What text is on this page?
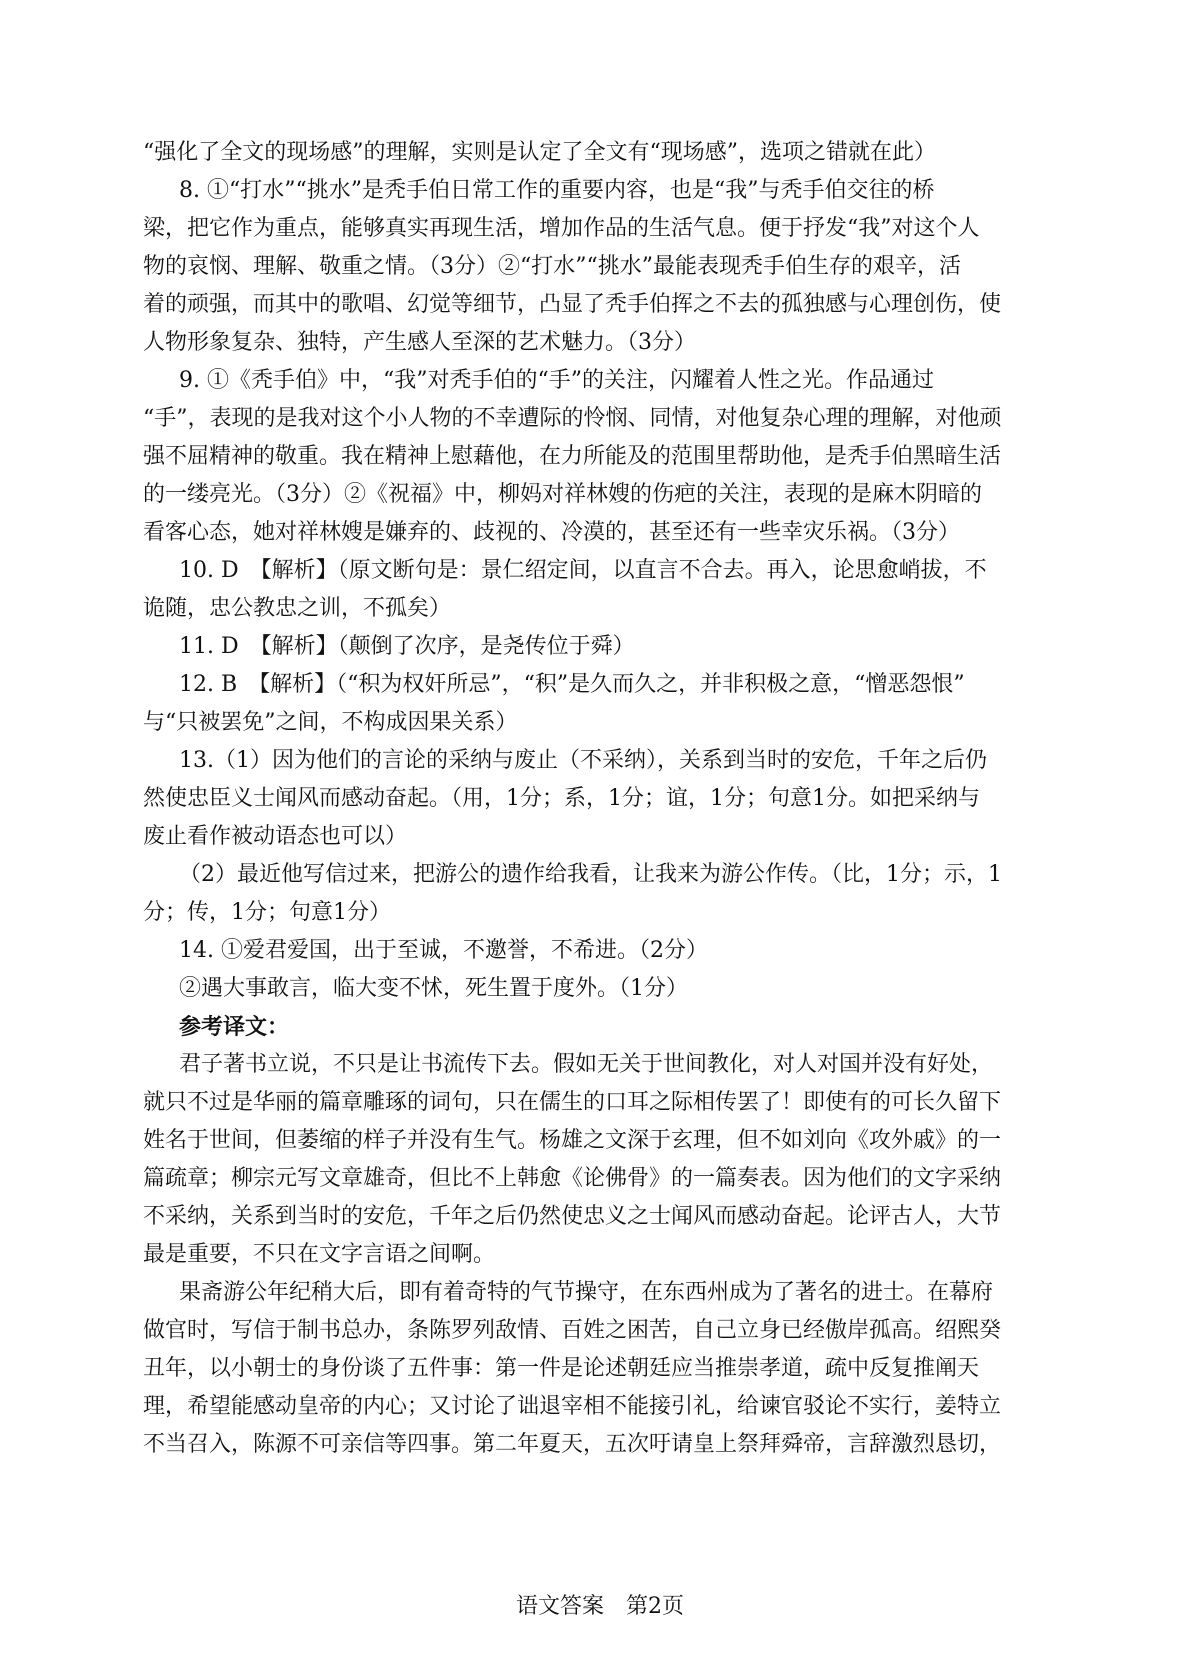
“强化了全文的现场感”的理解，实则是认定了全文有“现场感”，选项之错就在此）

8. ①“打水”“挑水”是秃手伯日常工作的重要内容，也是“我”与秃手伯交往的桥

梁，把它作为重点，能够真实再现生活，增加作品的生活气息。便于抒发“我”对这个人

物的哀悯、理解、敬重之情。（3分）②“打水”“挑水”最能表现秃手伯生存的艰辛，活

着的顽强，而其中的歌唱、幻觉等细节，凸显了秃手伯挥之不去的孤独感与心理创伤，使

人物形象复杂、独特，产生感人至深的艺术魅力。（3分）

9. ①《秃手伯》中，“我”对秃手伯的“手”的关注，闪耀着人性之光。作品通过

“手”，表现的是我对这个小人物的不幸遭际的怜悯、同情，对他复杂心理的理解，对他顽

强不屈精神的敬重。我在精神上慰藉他，在力所能及的范围里帮助他，是秃手伯黑暗生活

的一缕亮光。（3分）②《祝福》中，柳妈对祥林嫂的伤疤的关注，表现的是麻木阴暗的

看客心态，她对祥林嫂是嫌弃的、歧视的、冷漠的，甚至还有一些幸灾乐祸。（3分）

10. D　【解析】（原文断句是：景仁绍定间，以直言不合去。再入，论思愈峭拔，不

诡随，忠公教忠之训，不孤矣）

11. D　【解析】（颠倒了次序，是尧传位于舜）

12. B　【解析】（“积为权奸所忌”，“积”是久而久之，并非积极之意，“憎恶怨恨”

与“只被罢免”之间，不构成因果关系）

13.（1）因为他们的言论的采纳与废止（不采纳），关系到当时的安危，千年之后仍

然使忠臣义士闻风而感动奋起。（用，1分；系，1分；谊，1分；句意1分。如把采纳与

废止看作被动语态也可以）

（2）最近他写信过来，把游公的遗作给我看，让我来为游公作传。（比，1分；示，1

分；传，1分；句意1分）

14. ①爱君爱国，出于至诚，不邀誉，不希进。（2分）

②遇大事敢言，临大变不怵，死生置于度外。（1分）

参考译文：

君子著书立说，不只是让书流传下去。假如无关于世间教化，对人对国并没有好处，

就只不过是华丽的篇章雕琢的词句，只在儒生的口耳之际相传罢了！即使有的可长久留下

姓名于世间，但萎缩的样子并没有生气。杨雄之文深于玄理，但不如刘向《攻外戚》的一

篇疏章；柳宗元写文章雄奇，但比不上韩愈《论佛骨》的一篇奏表。因为他们的文字采纳

不采纳，关系到当时的安危，千年之后仍然使忠义之士闻风而感动奋起。论评古人，大节

最是重要，不只在文字言语之间啊。

果斋游公年纪稍大后，即有着奇特的气节操守，在东西州成为了著名的进士。在幕府

做官时，写信于制书总办，条陈罗列敌情、百姓之困苦，自己立身已经傲岸孤高。绍熙癸

丑年，以小朝士的身份谈了五件事：第一件是论述朝廷应当推崇孝道，疏中反复推阐天

理，希望能感动皇帝的内心；又讨论了诎退宰相不能接引礼，给谏官驳论不实行，姜特立

不当召入，陈源不可亲信等四事。第二年夏天，五次吁请皇上祭拜舜帝，言辞激烈恳切，

语文答案　第2页
